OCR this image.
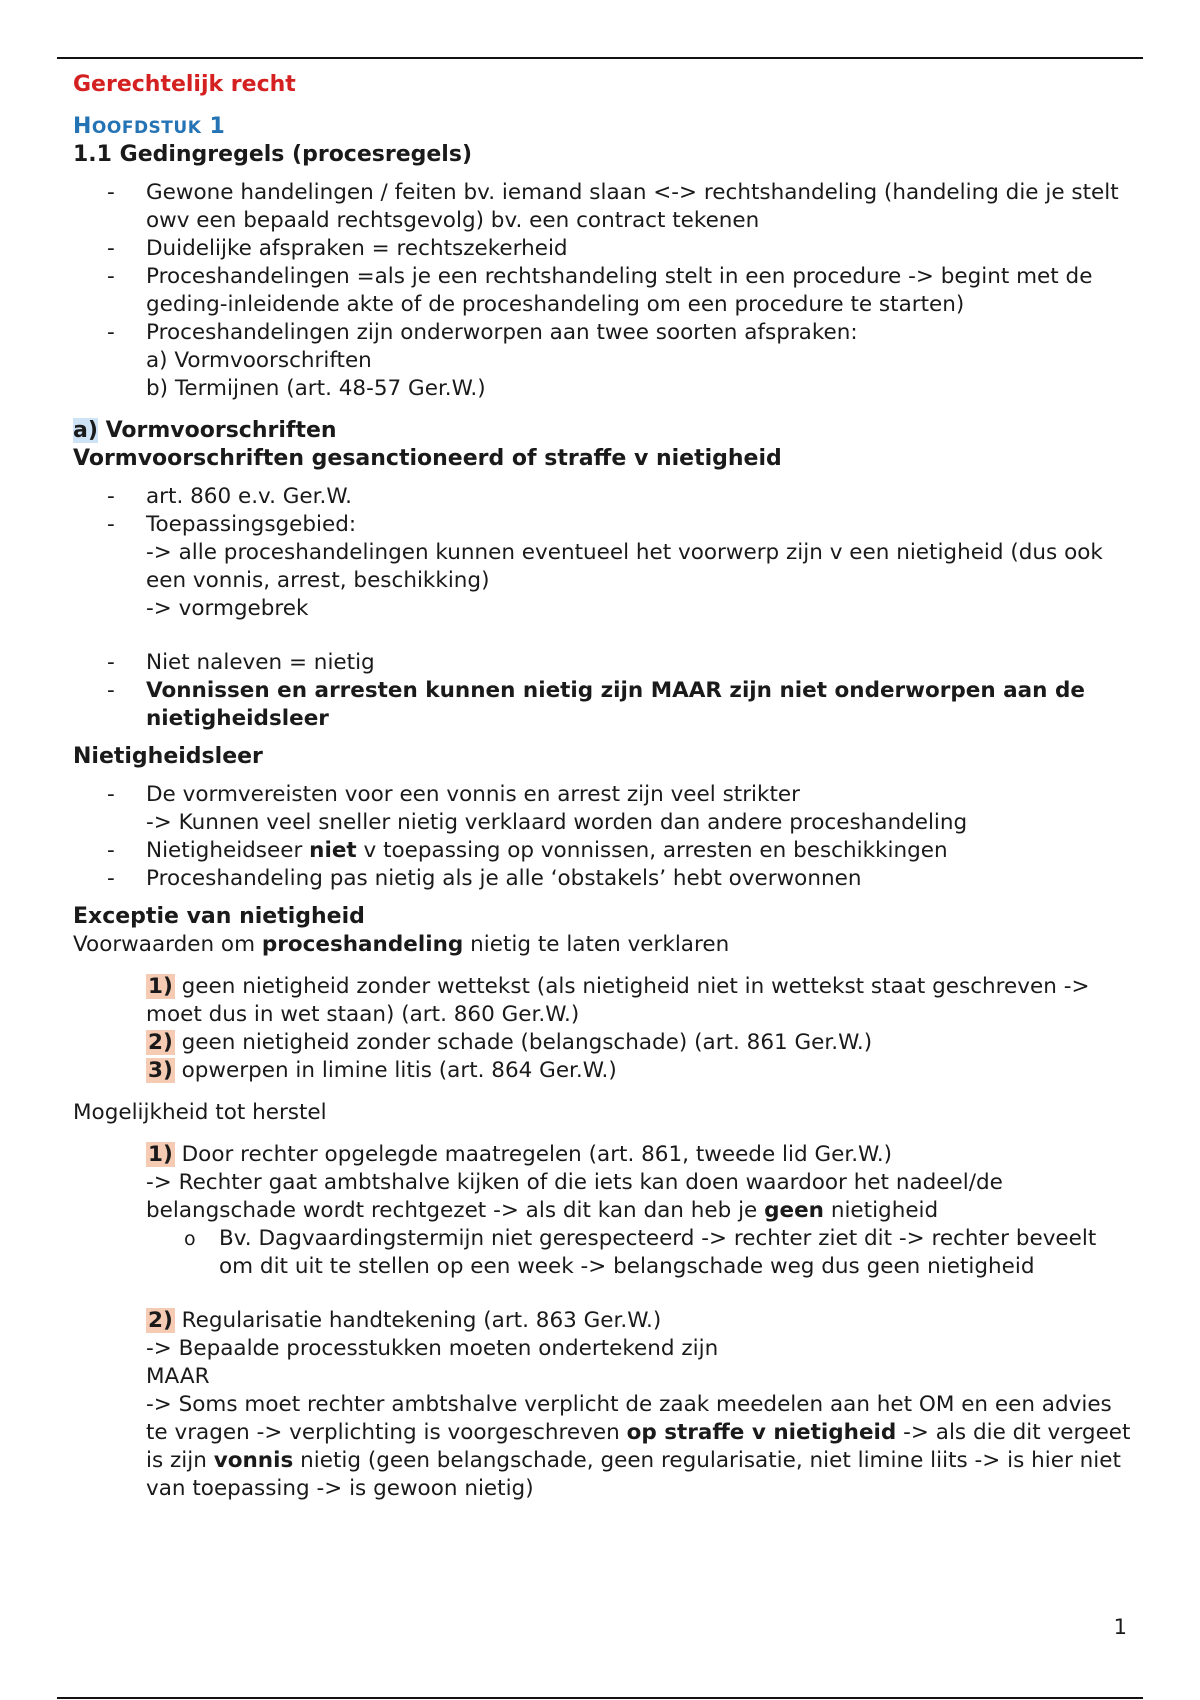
Gerechtelijk recht
HOOFDSTUK 1
1.1 Gedingregels (procesregels)
- Gewone handelingen / feiten bv. iemand slaan <-> rechtshandeling (handeling die je stelt owv een bepaald rechtsgevolg) bv. een contract tekenen
- Duidelijke afspraken = rechtszekerheid
- Proceshandelingen =als je een rechtshandeling stelt in een procedure -> begint met de geding-inleidende akte of de proceshandeling om een procedure te starten)
- Proceshandelingen zijn onderworpen aan twee soorten afspraken:
a) Vormvoorschriften
b) Termijnen (art. 48-57 Ger.W.)
a) Vormvoorschriften
Vormvoorschriften gesanctioneerd of straffe v nietigheid
- art. 860 e.v. Ger.W.
- Toepassingsgebied:
-> alle proceshandelingen kunnen eventueel het voorwerp zijn v een nietigheid (dus ook een vonnis, arrest, beschikking)
-> vormgebrek
- Niet naleven = nietig
- Vonnissen en arresten kunnen nietig zijn MAAR zijn niet onderworpen aan de nietigheidsleer
Nietigheidsleer
- De vormvereisten voor een vonnis en arrest zijn veel strikter
-> Kunnen veel sneller nietig verklaard worden dan andere proceshandeling
- Nietigheidseer niet v toepassing op vonnissen, arresten en beschikkingen
- Proceshandeling pas nietig als je alle ‘obstakels’ hebt overwonnen
Exceptie van nietigheid
Voorwaarden om proceshandeling nietig te laten verklaren
1) geen nietigheid zonder wettekst (als nietigheid niet in wettekst staat geschreven -> moet dus in wet staan) (art. 860 Ger.W.)
2) geen nietigheid zonder schade (belangschade) (art. 861 Ger.W.)
3) opwerpen in limine litis (art. 864 Ger.W.)
Mogelijkheid tot herstel
1) Door rechter opgelegde maatregelen (art. 861, tweede lid Ger.W.)
-> Rechter gaat ambtshalve kijken of die iets kan doen waardoor het nadeel/de belangschade wordt rechtgezet -> als dit kan dan heb je geen nietigheid
o Bv. Dagvaardingstermijn niet gerespecteerd -> rechter ziet dit -> rechter beveelt om dit uit te stellen op een week -> belangschade weg dus geen nietigheid
2) Regularisatie handtekening (art. 863 Ger.W.)
-> Bepaalde processtukken moeten ondertekend zijn
MAAR
-> Soms moet rechter ambtshalve verplicht de zaak meedelen aan het OM en een advies te vragen -> verplichting is voorgeschreven op straffe v nietigheid -> als die dit vergeet is zijn vonnis nietig (geen belangschade, geen regularisatie, niet limine liits -> is hier niet van toepassing -> is gewoon nietig)
1
